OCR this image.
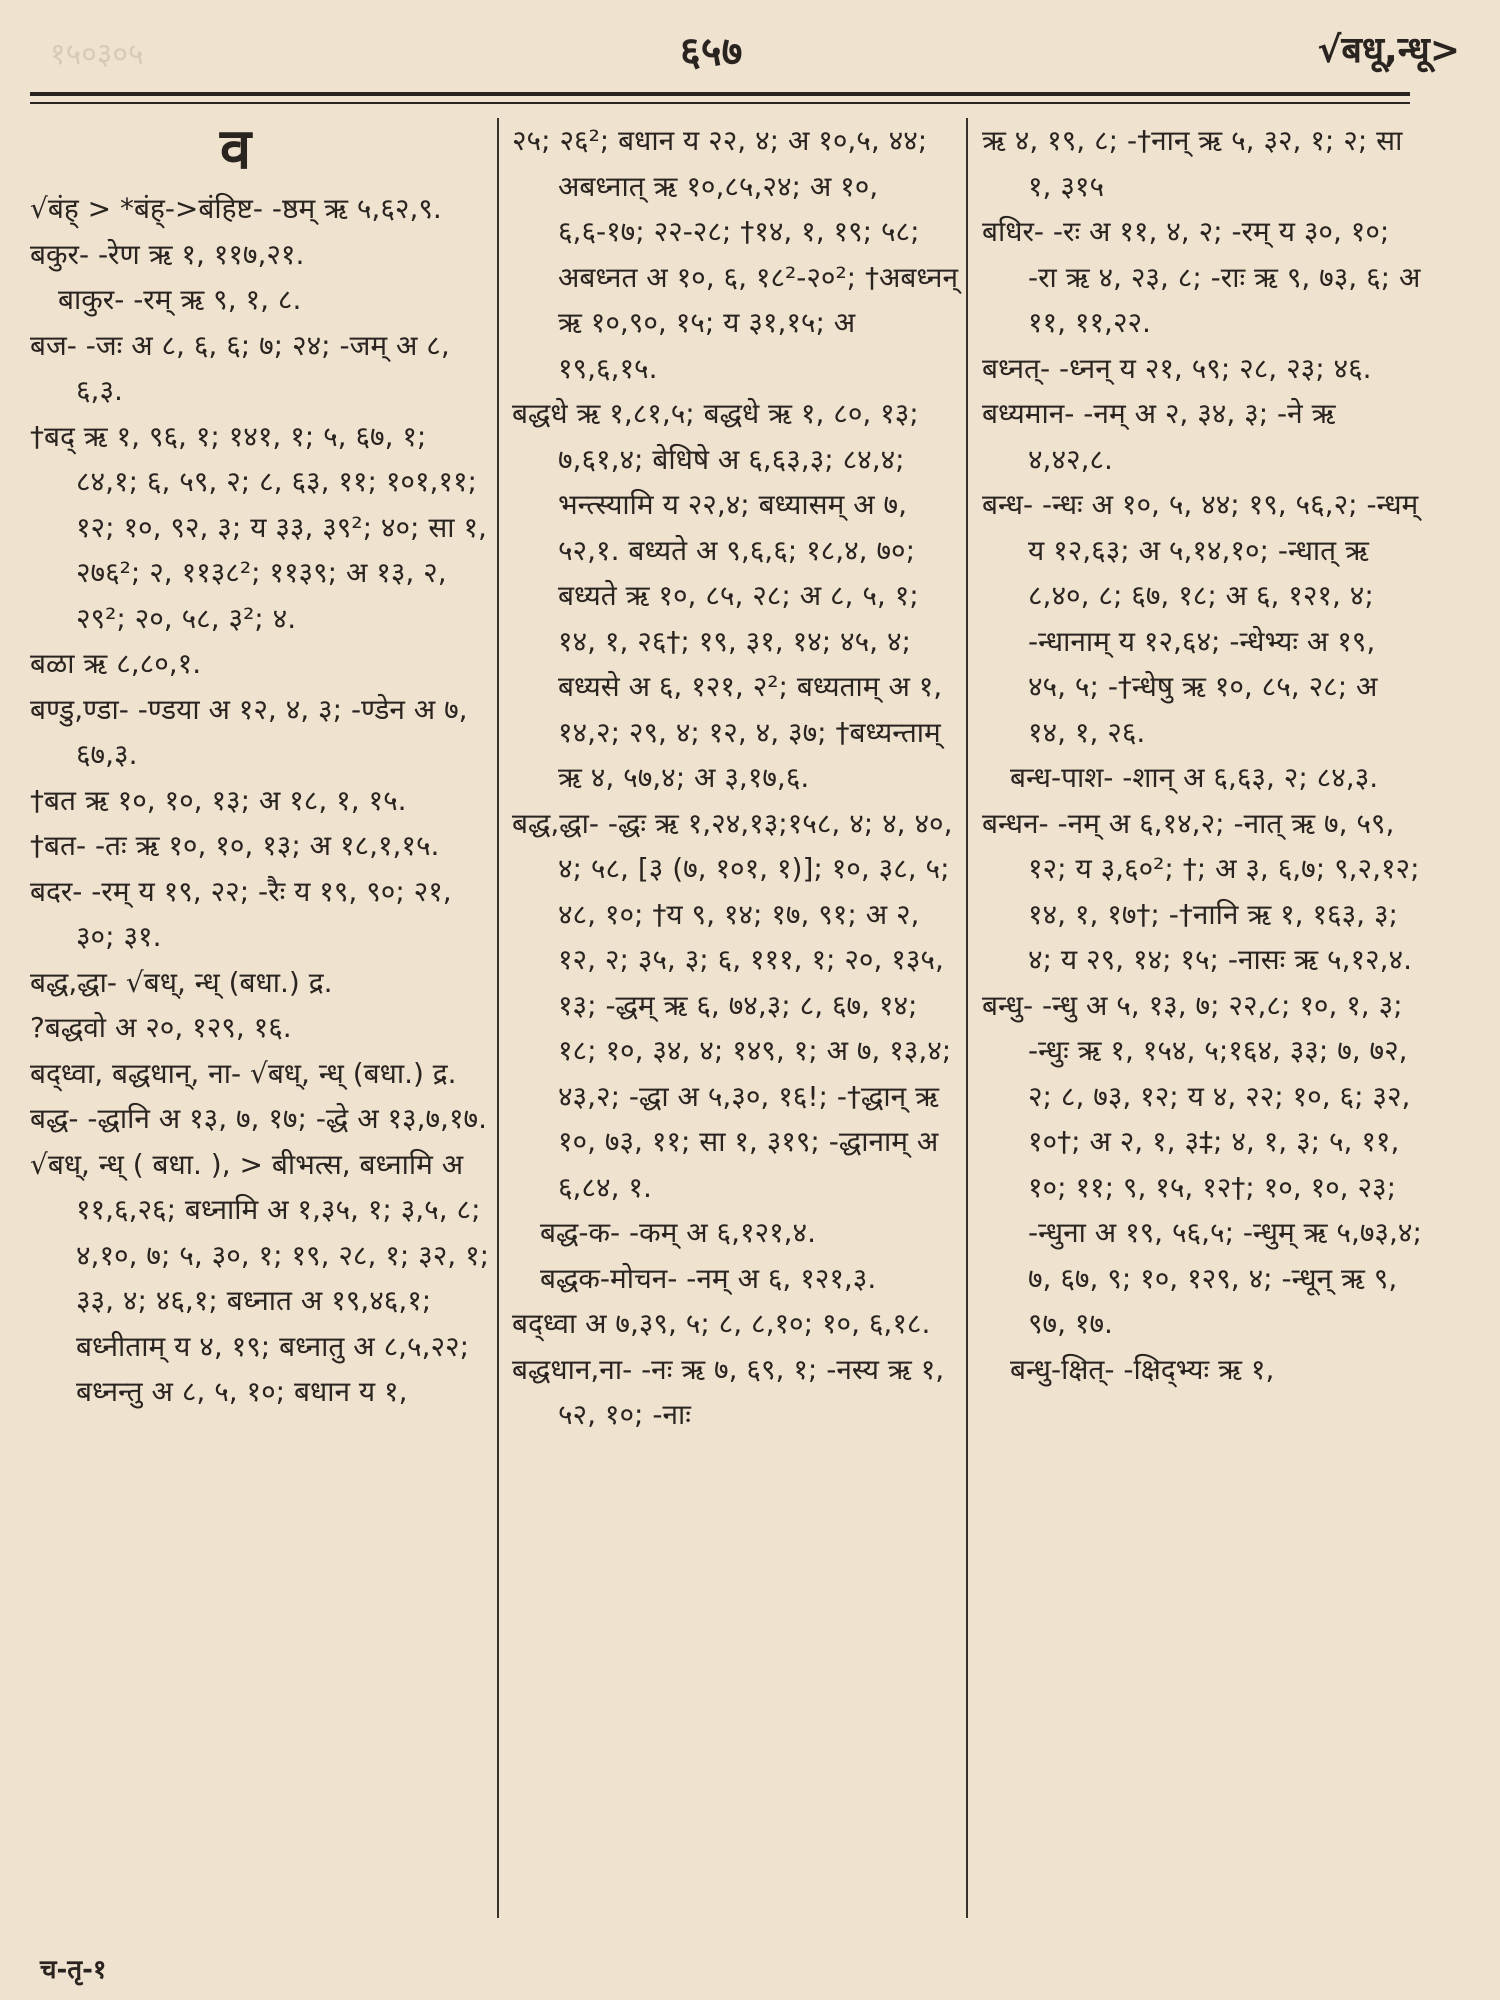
१५०३०५	६५७	√बधू,न्धू>
व

√बंह् > *बंह्->बंहिष्ट- -ष्ठम् ऋ ५,६२,९.

बकुर- -रेण ऋ १, ११७,२१.

बाकुर- -रम् ऋ ९, १, ८.

बज- -जः अ ८, ६, ६; ७; २४; -जम् अ ८, ६,३.

†बद् ऋ १, ९६, १; १४१, १; ५, ६७, १; ८४,१; ६, ५९, २; ८, ६३, ११; १०१,११; १२; १०, ९२, ३; य ३३, ३९²; ४०; सा १, २७६²; २, ११३८²; ११३९; अ १३, २, २९²; २०, ५८, ३²; ४.

बळा ऋ ८,८०,१.

बण्डु,ण्डा- -ण्डया अ १२, ४, ३; -ण्डेन अ ७, ६७,३.

†बत ऋ १०, १०, १३; अ १८, १, १५.

†बत- -तः ऋ १०, १०, १३; अ १८,१,१५.

बदर- -रम् य १९, २२; -रैः य १९, ९०; २१, ३०; ३१.

बद्ध,द्धा- √बध्, न्ध् (बधा.) द्र.

?बद्धवो अ २०, १२९, १६.

बद्ध्वा, बद्धधान्, ना- √बध्, न्ध् (बधा.) द्र.

बद्ध- -द्धानि अ १३, ७, १७; -द्धे अ १३,७,१७.

√बध्, न्ध् ( बधा. ), > बीभत्स, बध्नामि अ ११,६,२६; बध्नामि अ १,३५, १; ३,५, ८; ४,१०, ७; ५, ३०, १; १९, २८, १; ३२, १; ३३, ४; ४६,१; बध्नात अ १९,४६,१; बध्नीताम् य ४, १९; बध्नातु अ ८,५,२२; बध्नन्तु अ ८, ५, १०; बधान य १,

२५; २६²; बधान य २२, ४; अ १०,५, ४४; अबध्नात् ऋ १०,८५,२४; अ १०, ६,६-१७; २२-२८; †१४, १, १९; ५८; अबध्नत अ १०, ६, १८²-२०²; †अबध्नन् ऋ १०,९०, १५; य ३१,१५; अ १९,६,१५.

बद्धधे ऋ १,८१,५; बद्धधे ऋ १, ८०, १३; ७,६१,४; बेधिषे अ ६,६३,३; ८४,४; भन्त्स्यामि य २२,४; बध्यासम् अ ७, ५२,१. बध्यते अ ९,६,६; १८,४, ७०; बध्यते ऋ १०, ८५, २८; अ ८, ५, १; १४, १, २६†; १९, ३१, १४; ४५, ४; बध्यसे अ ६, १२१, २²; बध्यताम् अ १, १४,२; २९, ४; १२, ४, ३७; †बध्यन्ताम् ऋ ४, ५७,४; अ ३,१७,६.

बद्ध,द्धा- -द्धः ऋ १,२४,१३;१५८, ४; ४, ४०, ४; ५८, [३ (७, १०१, १)]; १०, ३८, ५; ४८, १०; †य ९, १४; १७, ९१; अ २, १२, २; ३५, ३; ६, १११, १; २०, १३५, १३; -द्धम् ऋ ६, ७४,३; ८, ६७, १४; १८; १०, ३४, ४; १४९, १; अ ७, १३,४; ४३,२; -द्धा अ ५,३०, १६!; -†द्धान् ऋ १०, ७३, ११; सा १, ३१९; -द्धानाम् अ ६,८४, १.

बद्ध-क- -कम् अ ६,१२१,४.

बद्धक-मोचन- -नम् अ ६, १२१,३.

बद्ध्वा अ ७,३९, ५; ८, ८,१०; १०, ६,१८.

बद्धधान,ना- -नः ऋ ७, ६९, १; -नस्य ऋ १, ५२, १०; -नाः

ऋ ४, १९, ८; -†नान् ऋ ५, ३२, १; २; सा १, ३१५

बधिर- -रः अ ११, ४, २; -रम् य ३०, १०; -रा ऋ ४, २३, ८; -राः ऋ ९, ७३, ६; अ ११, ११,२२.

बध्नत्- -ध्नन् य २१, ५९; २८, २३; ४६.

बध्यमान- -नम् अ २, ३४, ३; -ने ऋ ४,४२,८.

बन्ध- -न्धः अ १०, ५, ४४; १९, ५६,२; -न्धम् य १२,६३; अ ५,१४,१०; -न्धात् ऋ ८,४०, ८; ६७, १८; अ ६, १२१, ४; -न्धानाम् य १२,६४; -न्धेभ्यः अ १९, ४५, ५; -†न्धेषु ऋ १०, ८५, २८; अ १४, १, २६.

बन्ध-पाश- -शान् अ ६,६३, २; ८४,३.

बन्धन- -नम् अ ६,१४,२; -नात् ऋ ७, ५९, १२; य ३,६०²; †; अ ३, ६,७; ९,२,१२; १४, १, १७†; -†नानि ऋ १, १६३, ३; ४; य २९, १४; १५; -नासः ऋ ५,१२,४.

बन्धु- -न्धु अ ५, १३, ७; २२,८; १०, १, ३; -न्धुः ऋ १, १५४, ५;१६४, ३३; ७, ७२, २; ८, ७३, १२; य ४, २२; १०, ६; ३२, १०†; अ २, १, ३‡; ४, १, ३; ५, ११, १०; ११; ९, १५, १२†; १०, १०, २३; -न्धुना अ १९, ५६,५; -न्धुम् ऋ ५,७३,४; ७, ६७, ९; १०, १२९, ४; -न्धून् ऋ ९, ९७, १७.

बन्धु-क्षित्- -क्षिद्भ्यः ऋ १,

च-तृ-१
